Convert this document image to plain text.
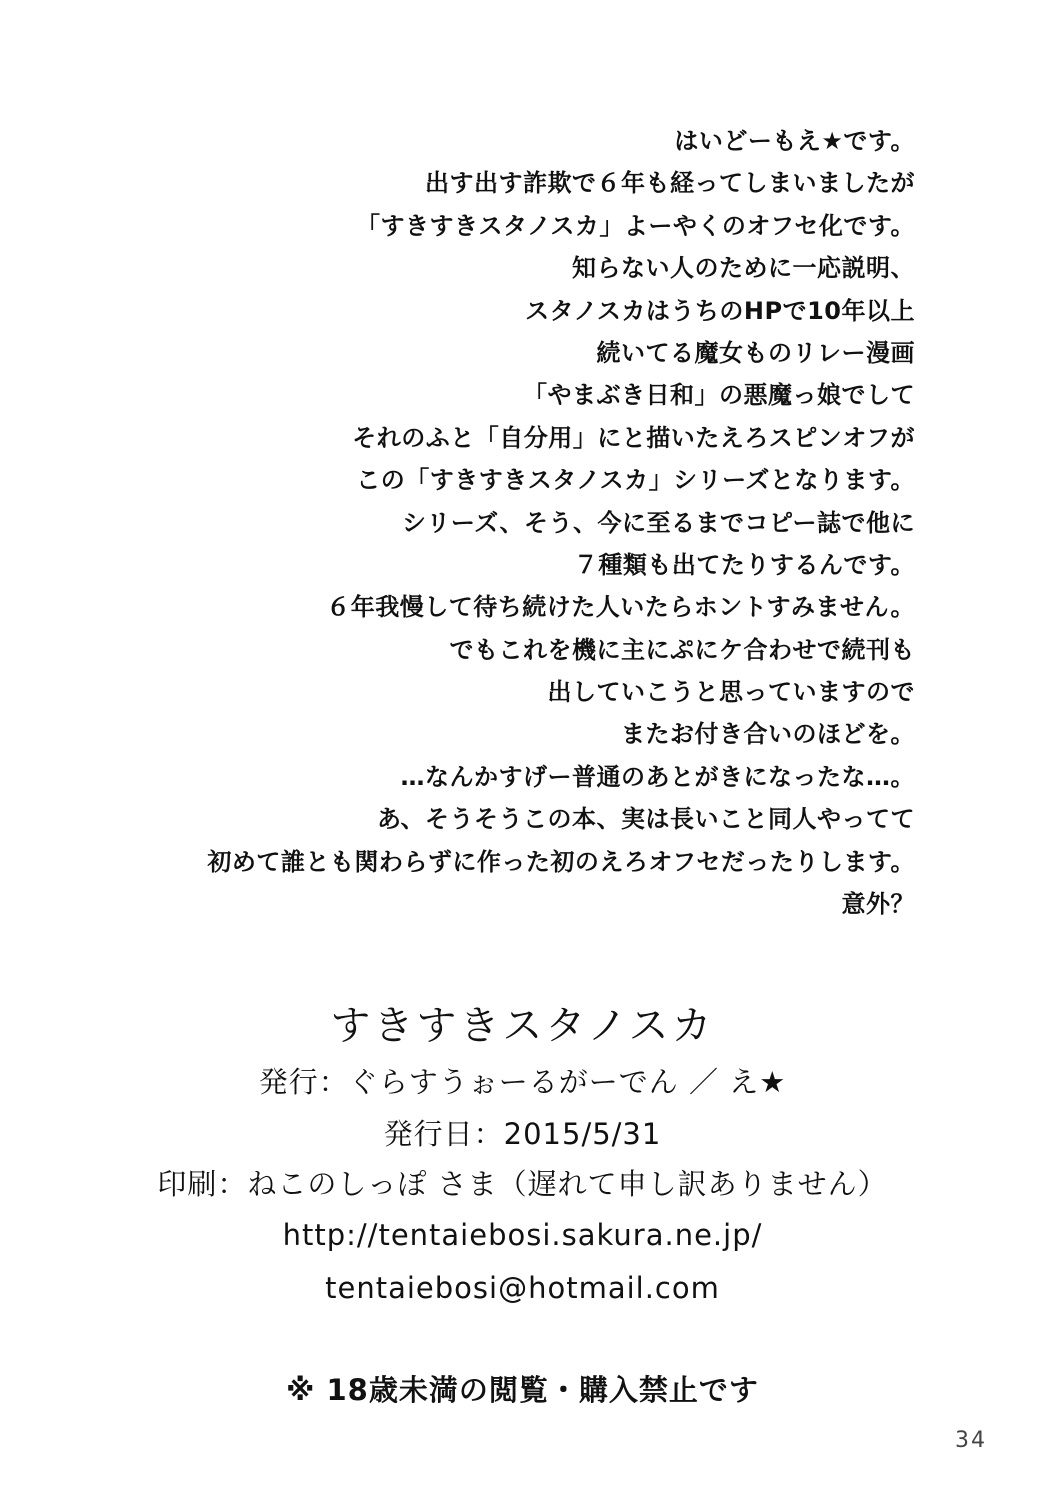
はいどーもえ★です。
出す出す詐欺で６年も経ってしまいましたが
「すきすきスタノスカ」よーやくのオフセ化です。
知らない人のために一応説明、
スタノスカはうちのHPで10年以上
続いてる魔女ものリレー漫画
「やまぶき日和」の悪魔っ娘でして
それのふと「自分用」にと描いたえろスピンオフが
この「すきすきスタノスカ」シリーズとなります。
シリーズ、そう、今に至るまでコピー誌で他に
７種類も出てたりするんです。
６年我慢して待ち続けた人いたらホントすみません。
でもこれを機に主にぷにケ合わせで続刊も
出していこうと思っていますので
またお付き合いのほどを。
…なんかすげー普通のあとがきになったな…。
あ、そうそうこの本、実は長いこと同人やってて
初めて誰とも関わらずに作った初のえろオフセだったりします。
意外？
すきすきスタノスカ
発行：ぐらすうぉーるがーでん ／ え★
発行日：2015/5/31
印刷：ねこのしっぽ さま（遅れて申し訳ありません）
http://tentaiebosi.sakura.ne.jp/
tentaiebosi@hotmail.com
※ 18歳未満の閲覧・購入禁止です
34
